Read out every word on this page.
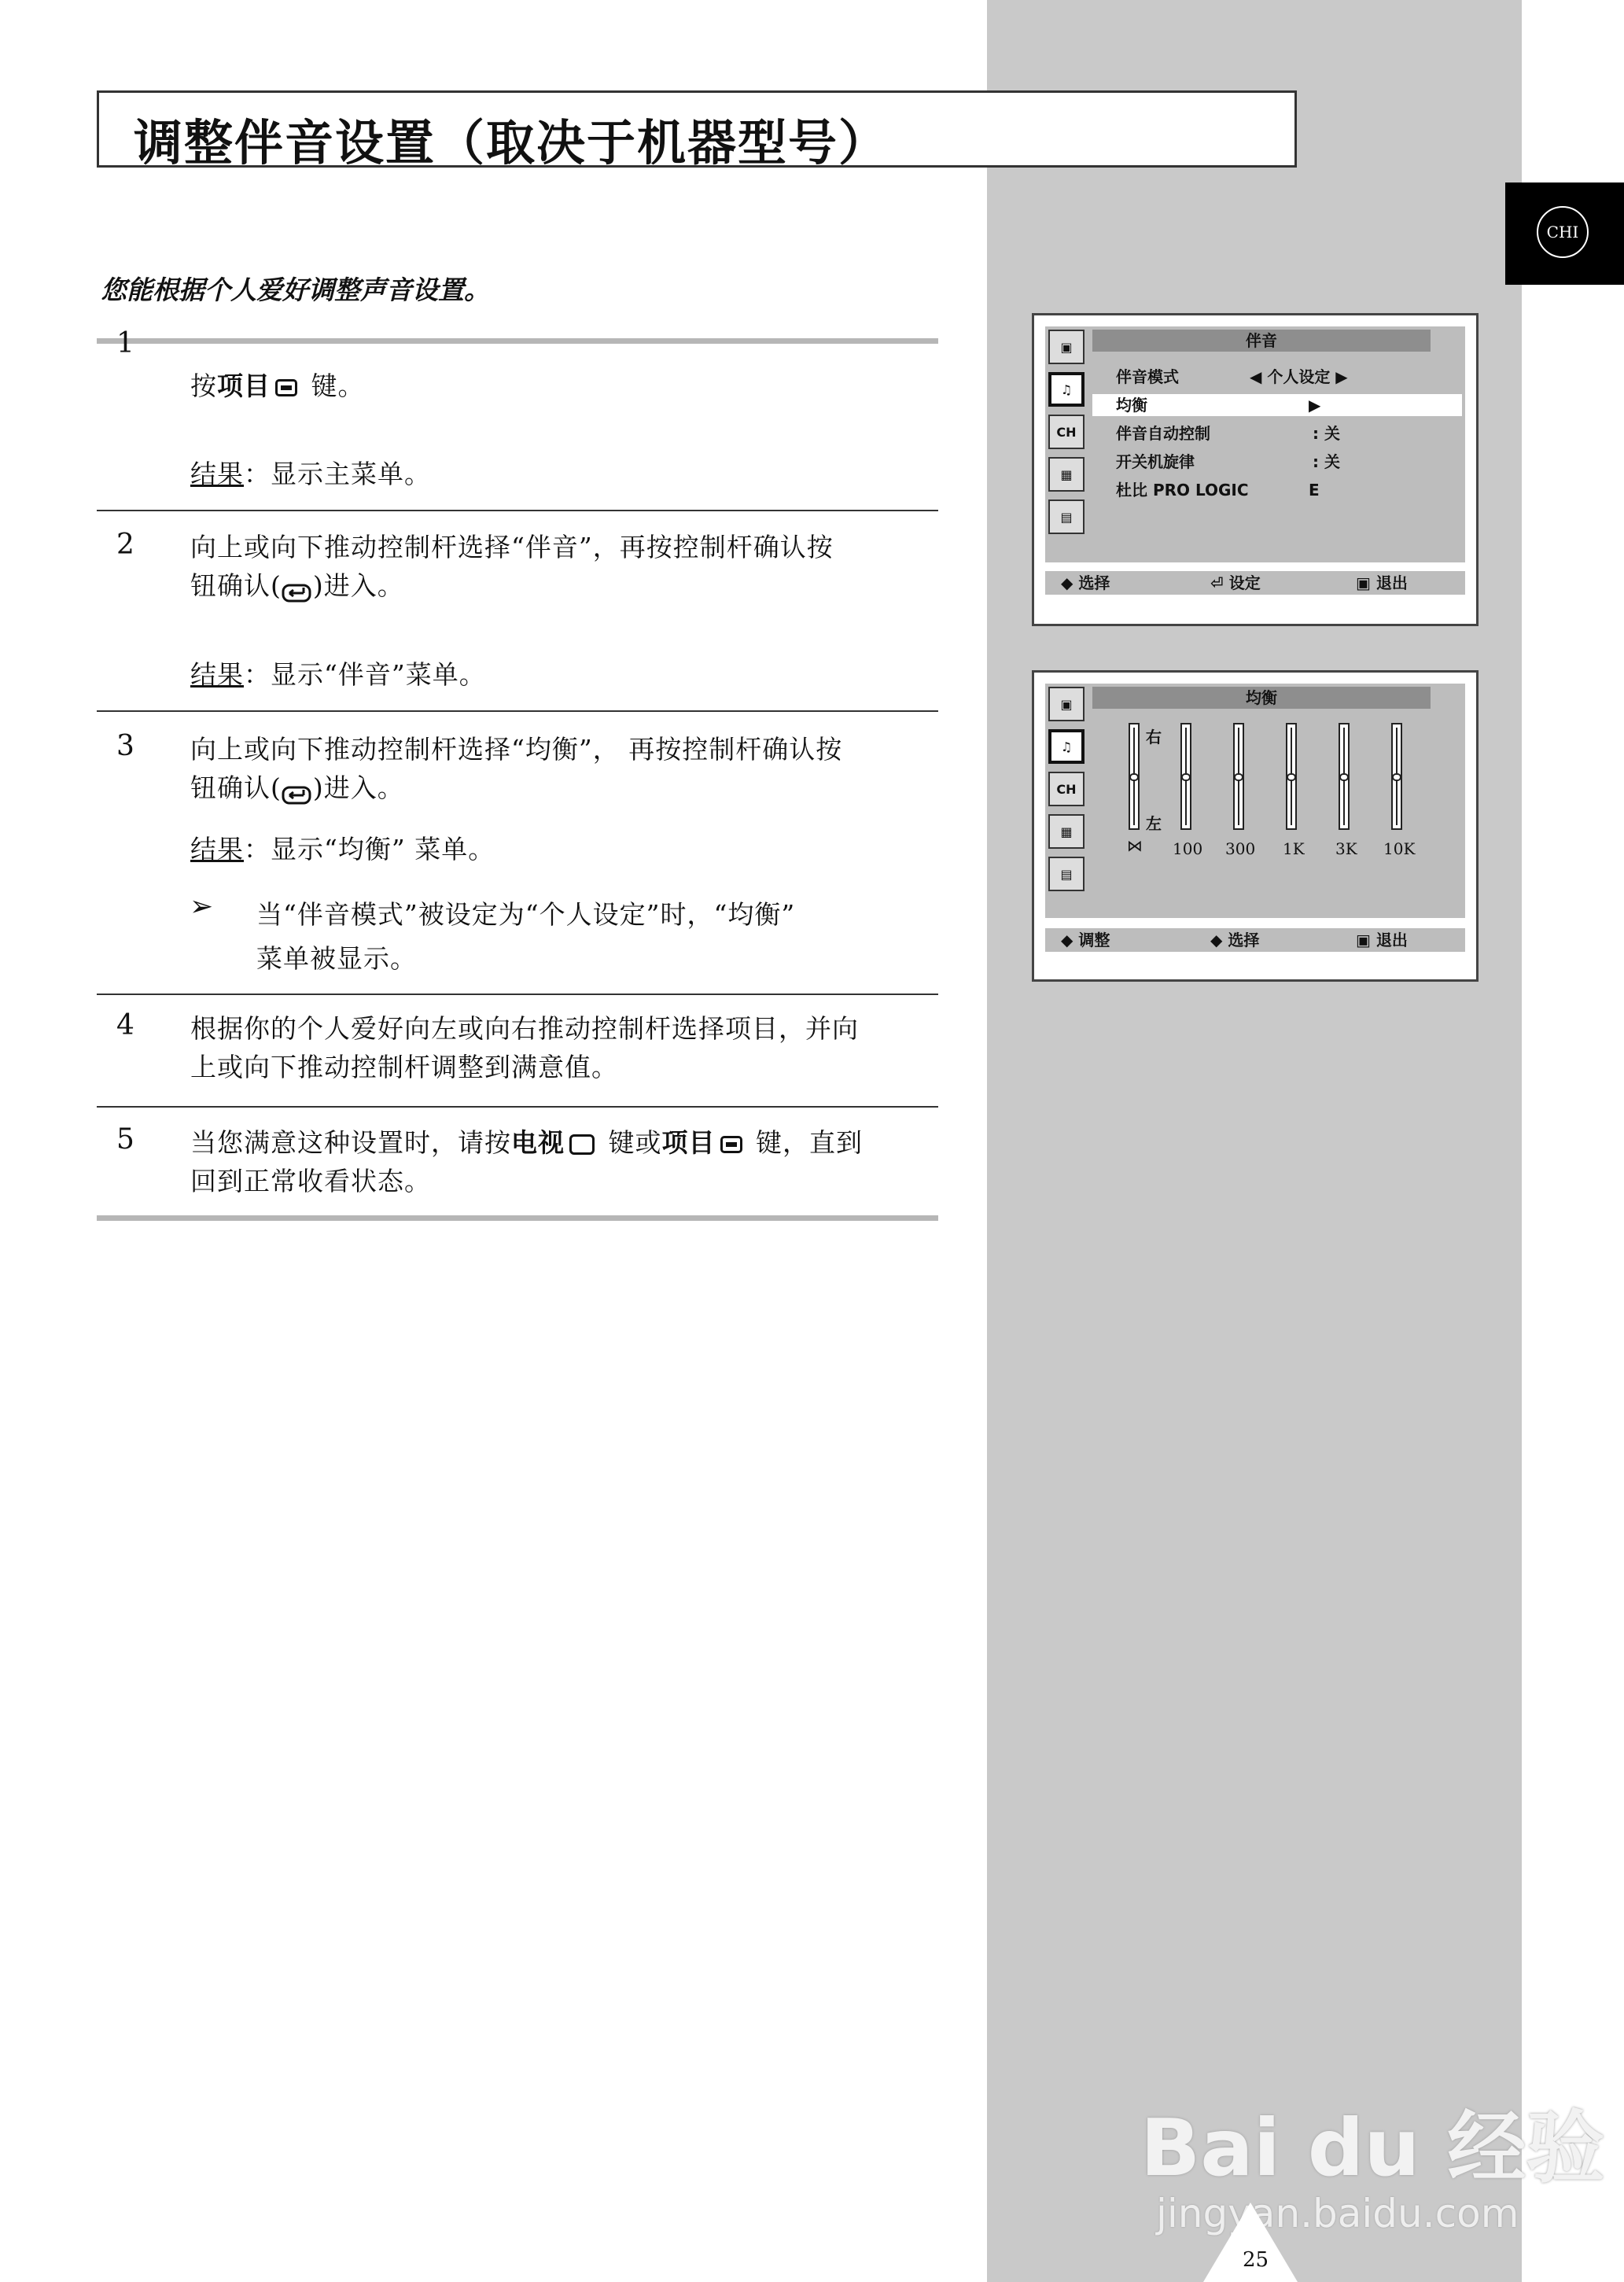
CHI
调整伴音设置（取决于机器型号）
您能根据个人爱好调整声音设置。
1
按项目 键。
结果：显示主菜单。
2 向上或向下推动控制杆选择“伴音”，再按控制杆确认按
钮确认( )进入。
结果：显示“伴音”菜单。
3 向上或向下推动控制杆选择“均衡”， 再按控制杆确认按
钮确认( )进入。
结果：显示“均衡” 菜单。
➢ 当“伴音模式”被设定为“个人设定”时，“均衡”
菜单被显示。
4 根据你的个人爱好向左或向右推动控制杆选择项目，并向
上或向下推动控制杆调整到满意值。
5 当您满意这种设置时，请按电视 键或项目 键，直到
回到正常收看状态。
▣
♫
CH
▦
▤
伴音
伴音模式	◀ 个人设定 ▶
均衡	▶
伴音自动控制	: 关
开关机旋律	: 关
杜比 PRO LOGIC	E
◆ 选择	⏎ 设定	▣ 退出
▣
♫
CH
▦
▤
均衡
右
左
⋈ 100 300 1K 3K 10K
◆ 调整	◆ 选择	▣ 退出
Bai du 经验
jingyan.baidu.com
25
